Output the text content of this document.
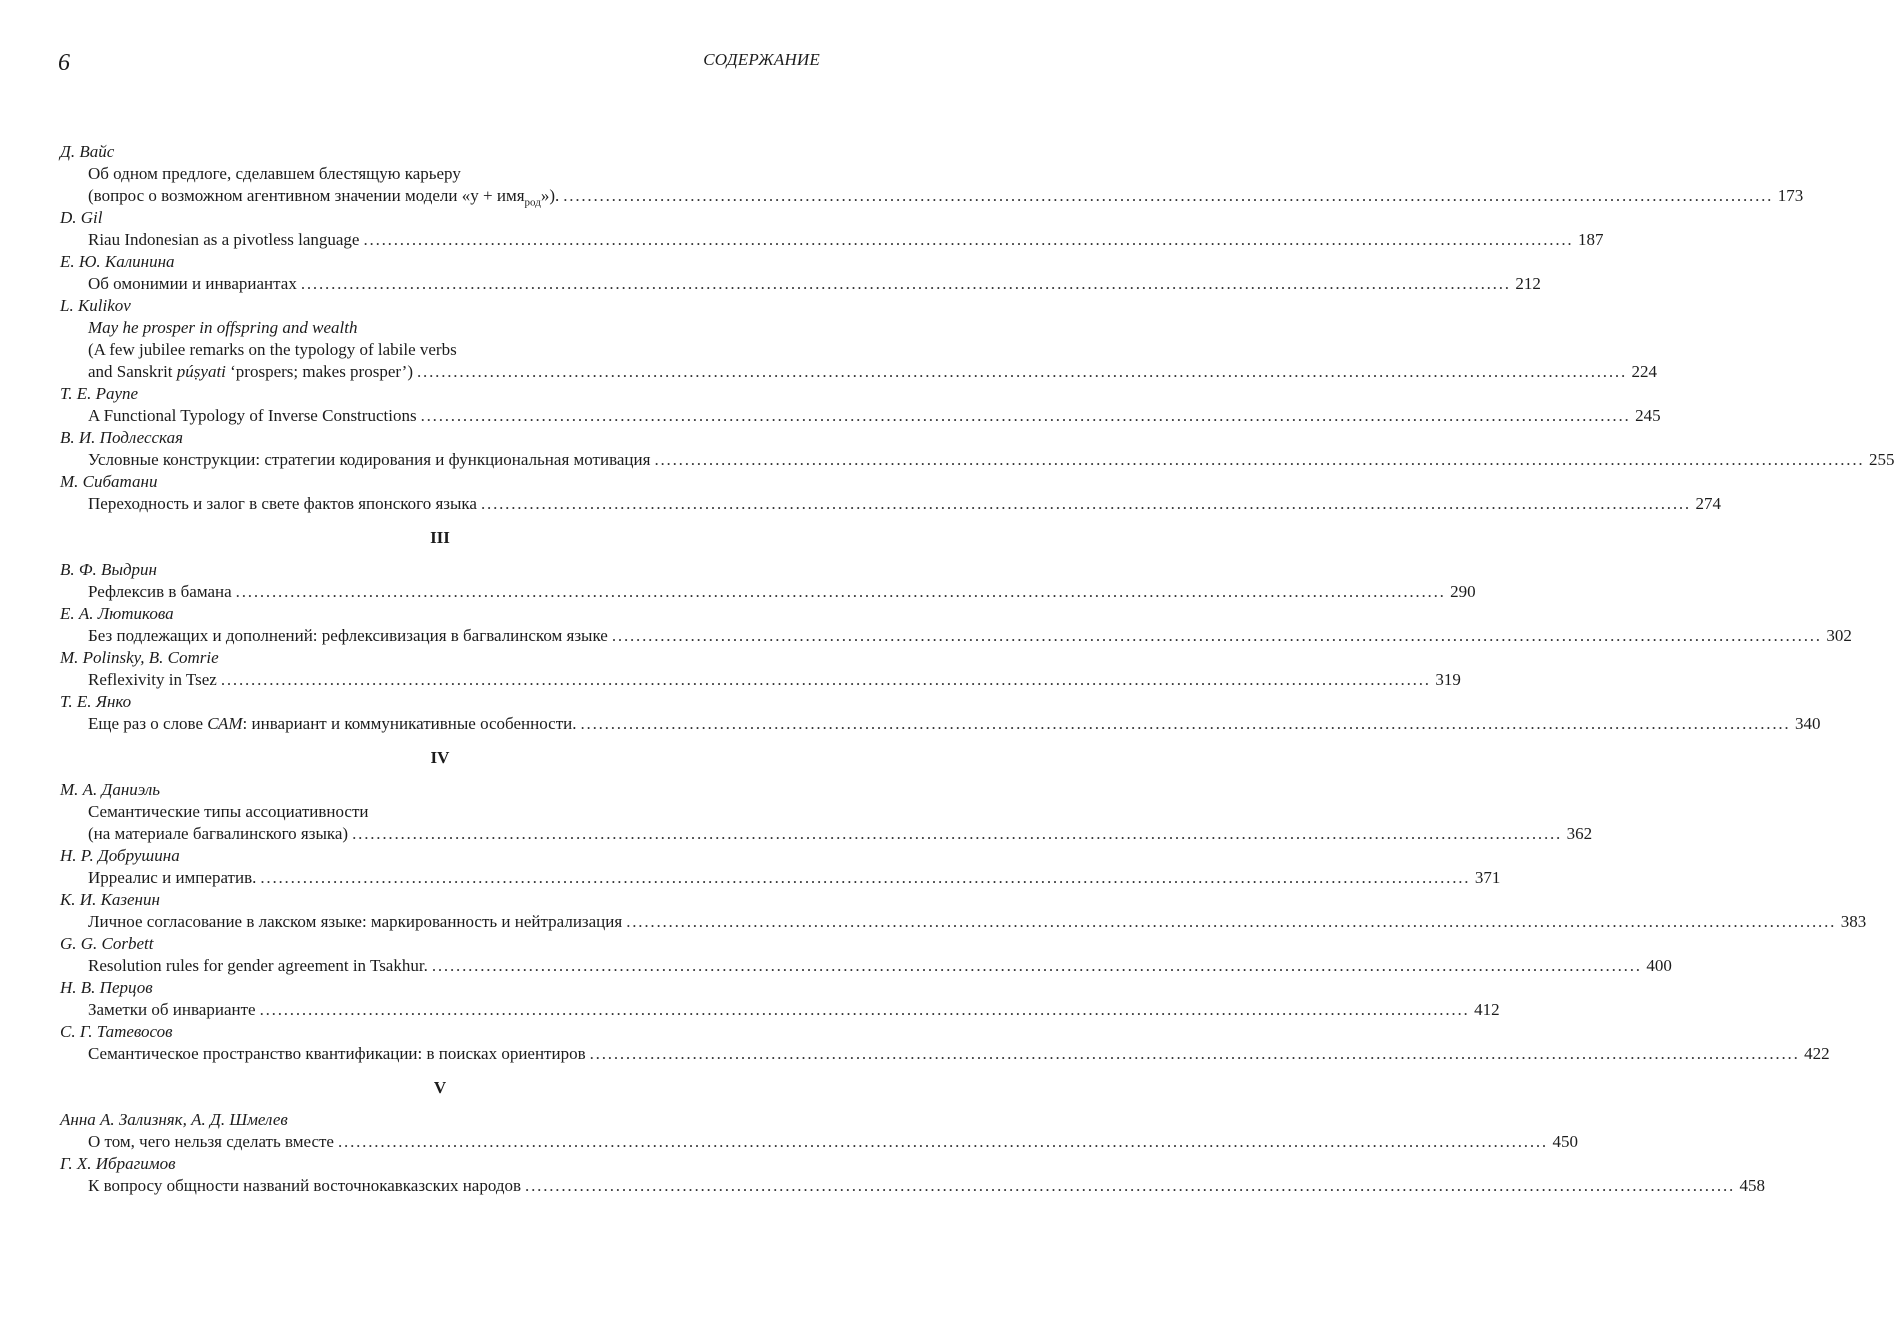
6	СОДЕРЖАНИЕ
Д. Вайс
Об одном предлоге, сделавшем блестящую карьеру
(вопрос о возможном агентивном значении модели «у + имя$_{род}$»). ........................................................................................................................................................................................................ 173
D. Gil
Riau Indonesian as a pivotless language ........................................................................................................................................................................................................ 187
Е. Ю. Калинина
Об омонимии и инвариантах ........................................................................................................................................................................................................ 212
L. Kulikov
May he prosper in offspring and wealth
(A few jubilee remarks on the typology of labile verbs
and Sanskrit púṣyati ‘prospers; makes prosper’) ........................................................................................................................................................................................................ 224
T. E. Payne
A Functional Typology of Inverse Constructions ........................................................................................................................................................................................................ 245
В. И. Подлесская
Условные конструкции: стратегии кодирования и функциональная мотивация ........................................................................................................................................................................................................ 255
М. Сибатани
Переходность и залог в свете фактов японского языка ........................................................................................................................................................................................................ 274
III
В. Ф. Выдрин
Рефлексив в бамана ........................................................................................................................................................................................................ 290
Е. А. Лютикова
Без подлежащих и дополнений: рефлексивизация в багвалинском языке ........................................................................................................................................................................................................ 302
M. Polinsky, B. Comrie
Reflexivity in Tsez ........................................................................................................................................................................................................ 319
Т. Е. Янко
Еще раз о слове САМ: инвариант и коммуникативные особенности. ........................................................................................................................................................................................................ 340
IV
М. А. Даниэль
Семантические типы ассоциативности
(на материале багвалинского языка) ........................................................................................................................................................................................................ 362
Н. Р. Добрушина
Ирреалис и императив. ........................................................................................................................................................................................................ 371
К. И. Казенин
Личное согласование в лакском языке: маркированность и нейтрализация ........................................................................................................................................................................................................ 383
G. G. Corbett
Resolution rules for gender agreement in Tsakhur. ........................................................................................................................................................................................................ 400
Н. В. Перцов
Заметки об инварианте ........................................................................................................................................................................................................ 412
С. Г. Татевосов
Семантическое пространство квантификации: в поисках ориентиров ........................................................................................................................................................................................................ 422
V
Анна А. Зализняк, А. Д. Шмелев
О том, чего нельзя сделать вместе ........................................................................................................................................................................................................ 450
Г. Х. Ибрагимов
К вопросу общности названий восточнокавказских народов ........................................................................................................................................................................................................ 458
